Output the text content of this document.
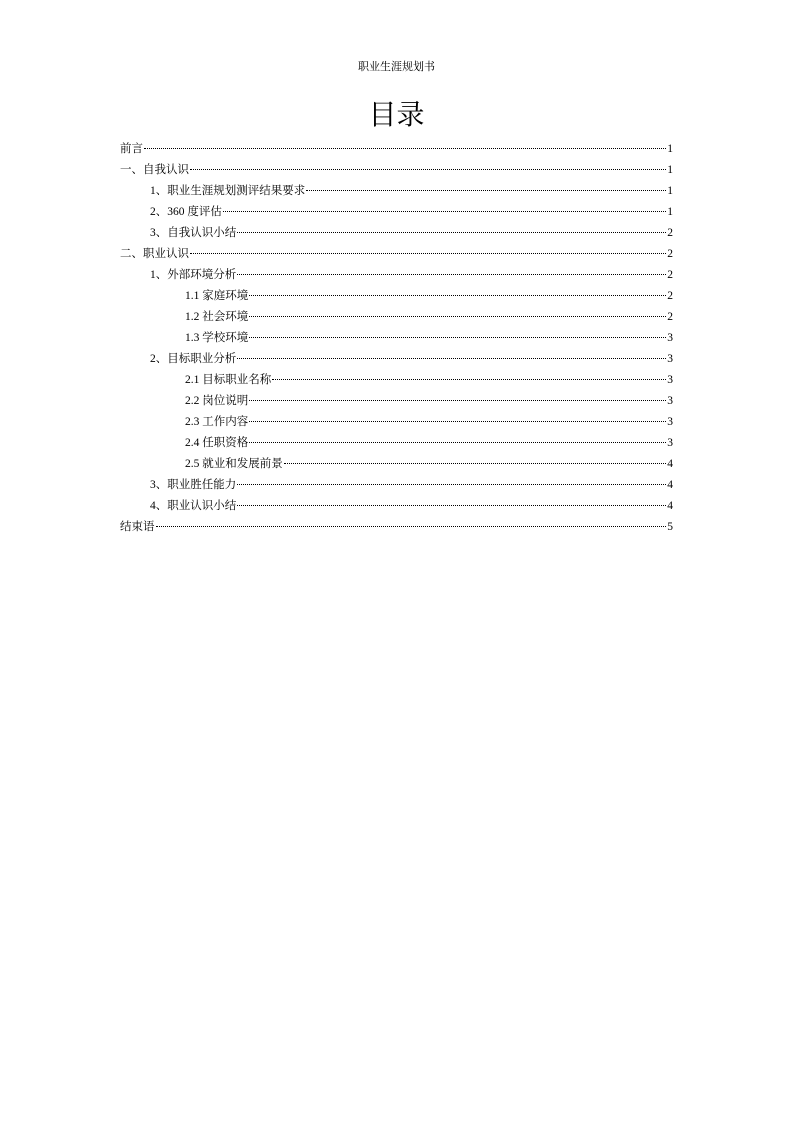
职业生涯规划书
目录
前言	1
一、自我认识	1
1、职业生涯规划测评结果要求	1
2、360 度评估	1
3、自我认识小结	2
二、职业认识	2
1、外部环境分析	2
1.1 家庭环境	2
1.2 社会环境	2
1.3 学校环境	3
2、目标职业分析	3
2.1 目标职业名称	3
2.2 岗位说明	3
2.3 工作内容	3
2.4 任职资格	3
2.5 就业和发展前景	4
3、职业胜任能力	4
4、职业认识小结	4
结束语	5
